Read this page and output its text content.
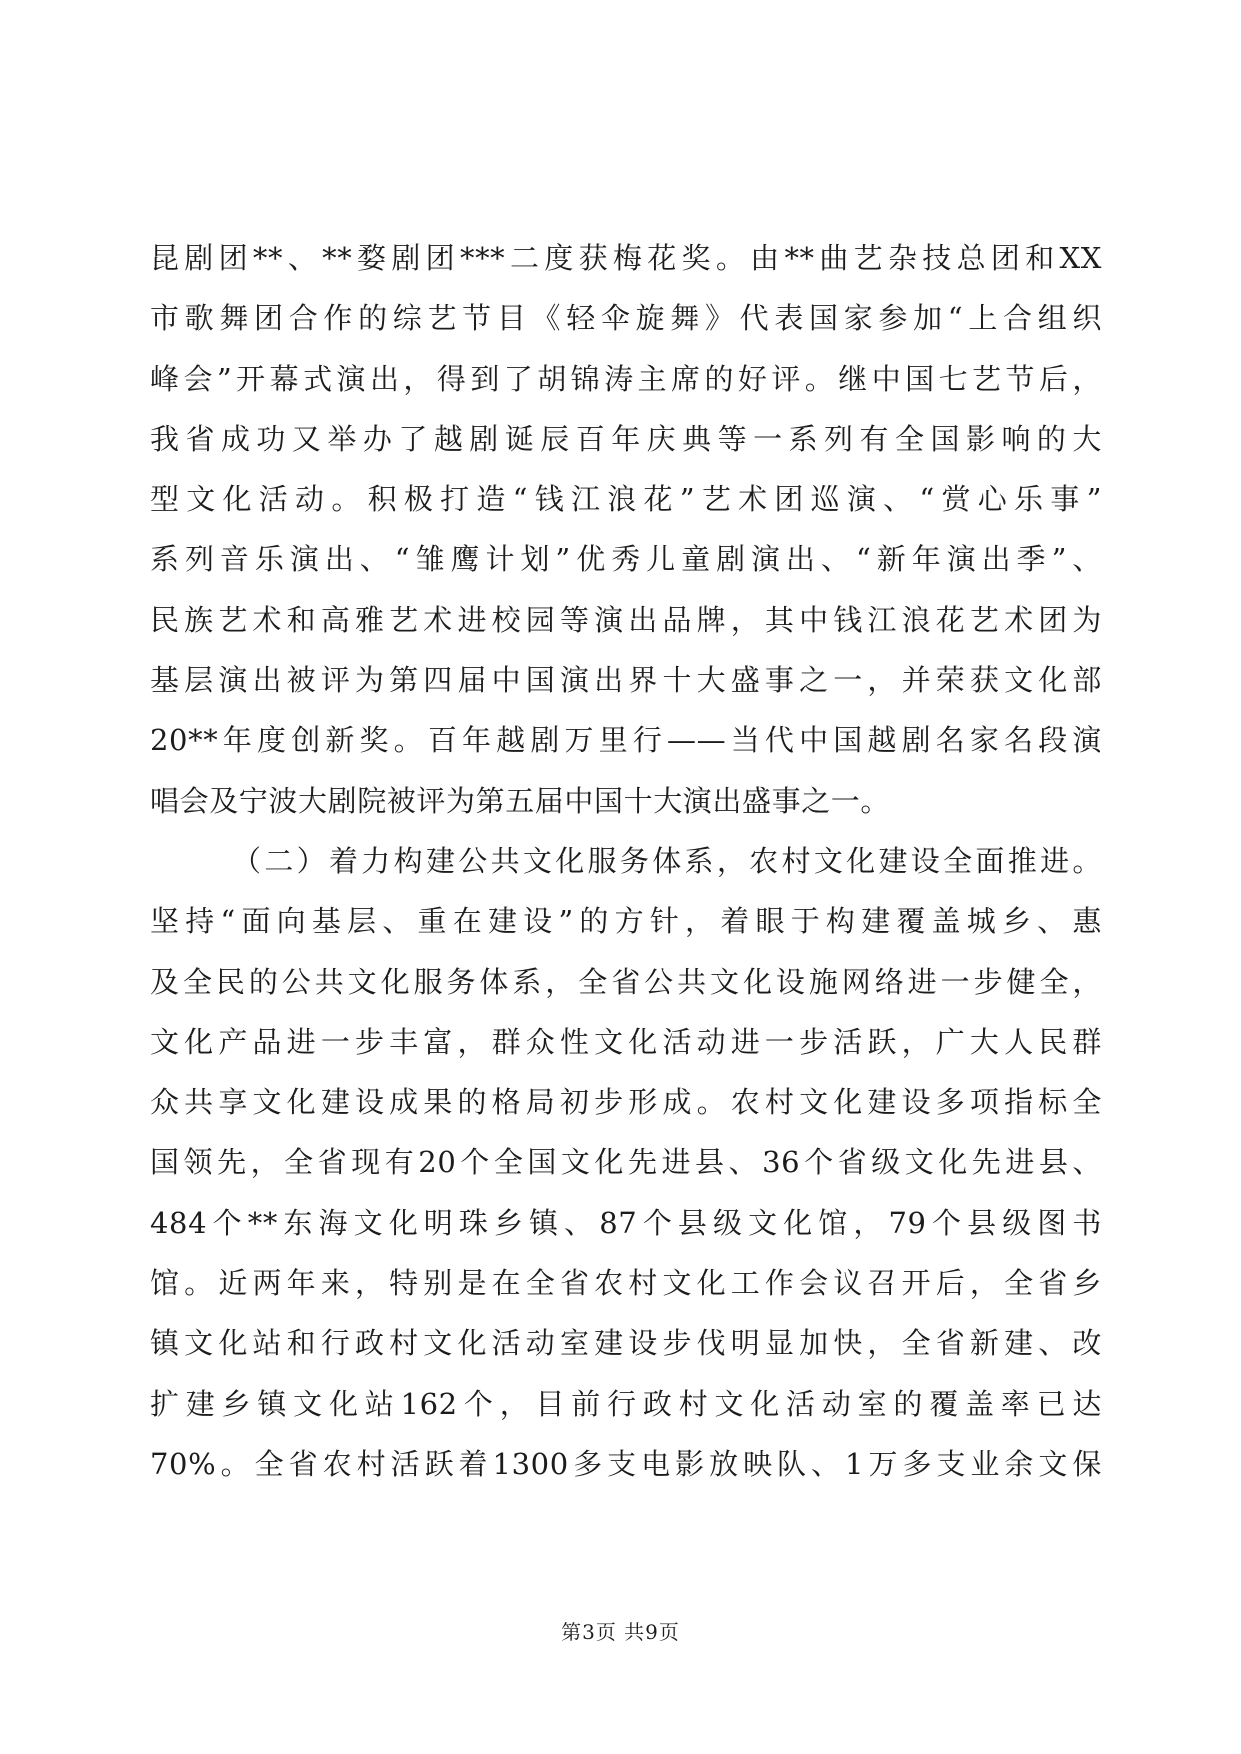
昆剧团**、**婺剧团***二度获梅花奖。由**曲艺杂技总团和XX
市歌舞团合作的综艺节目《轻伞旋舞》代表国家参加“上合组织
峰会”开幕式演出，得到了胡锦涛主席的好评。继中国七艺节后，
我省成功又举办了越剧诞辰百年庆典等一系列有全国影响的大
型文化活动。积极打造“钱江浪花”艺术团巡演、“赏心乐事”
系列音乐演出、“雏鹰计划”优秀儿童剧演出、“新年演出季”、
民族艺术和高雅艺术进校园等演出品牌，其中钱江浪花艺术团为
基层演出被评为第四届中国演出界十大盛事之一，并荣获文化部
20**年度创新奖。百年越剧万里行——当代中国越剧名家名段演
唱会及宁波大剧院被评为第五届中国十大演出盛事之一。
（二）着力构建公共文化服务体系，农村文化建设全面推进。
坚持“面向基层、重在建设”的方针，着眼于构建覆盖城乡、惠
及全民的公共文化服务体系，全省公共文化设施网络进一步健全，
文化产品进一步丰富，群众性文化活动进一步活跃，广大人民群
众共享文化建设成果的格局初步形成。农村文化建设多项指标全
国领先，全省现有20个全国文化先进县、36个省级文化先进县、
484个**东海文化明珠乡镇、87个县级文化馆，79个县级图书
馆。近两年来，特别是在全省农村文化工作会议召开后，全省乡
镇文化站和行政村文化活动室建设步伐明显加快，全省新建、改
扩建乡镇文化站162个，目前行政村文化活动室的覆盖率已达
70%。全省农村活跃着1300多支电影放映队、1万多支业余文保
第3页 共9页
